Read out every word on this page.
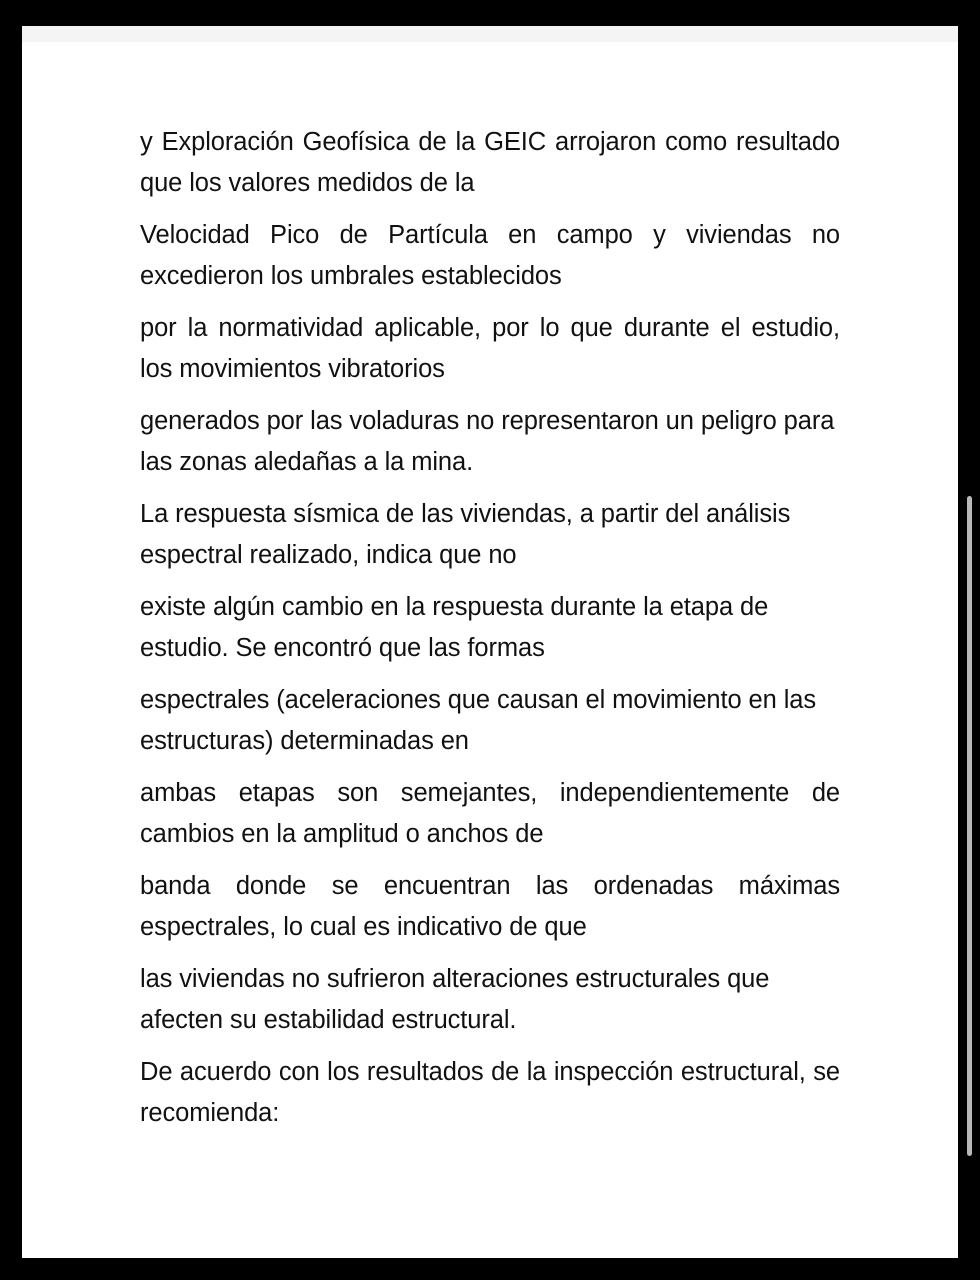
y Exploración Geofísica de la GEIC arrojaron como resultado que los valores medidos de la

Velocidad Pico de Partícula en campo y viviendas no excedieron los umbrales establecidos

por la normatividad aplicable, por lo que durante el estudio, los movimientos vibratorios

generados por las voladuras no representaron un peligro para las zonas aledañas a la mina.

La respuesta sísmica de las viviendas, a partir del análisis espectral realizado, indica que no

existe algún cambio en la respuesta durante la etapa de estudio. Se encontró que las formas

espectrales (aceleraciones que causan el movimiento en las estructuras) determinadas en

ambas etapas son semejantes, independientemente de cambios en la amplitud o anchos de

banda donde se encuentran las ordenadas máximas espectrales, lo cual es indicativo de que

las viviendas no sufrieron alteraciones estructurales que afecten su estabilidad estructural.

De acuerdo con los resultados de la inspección estructural, se recomienda:
